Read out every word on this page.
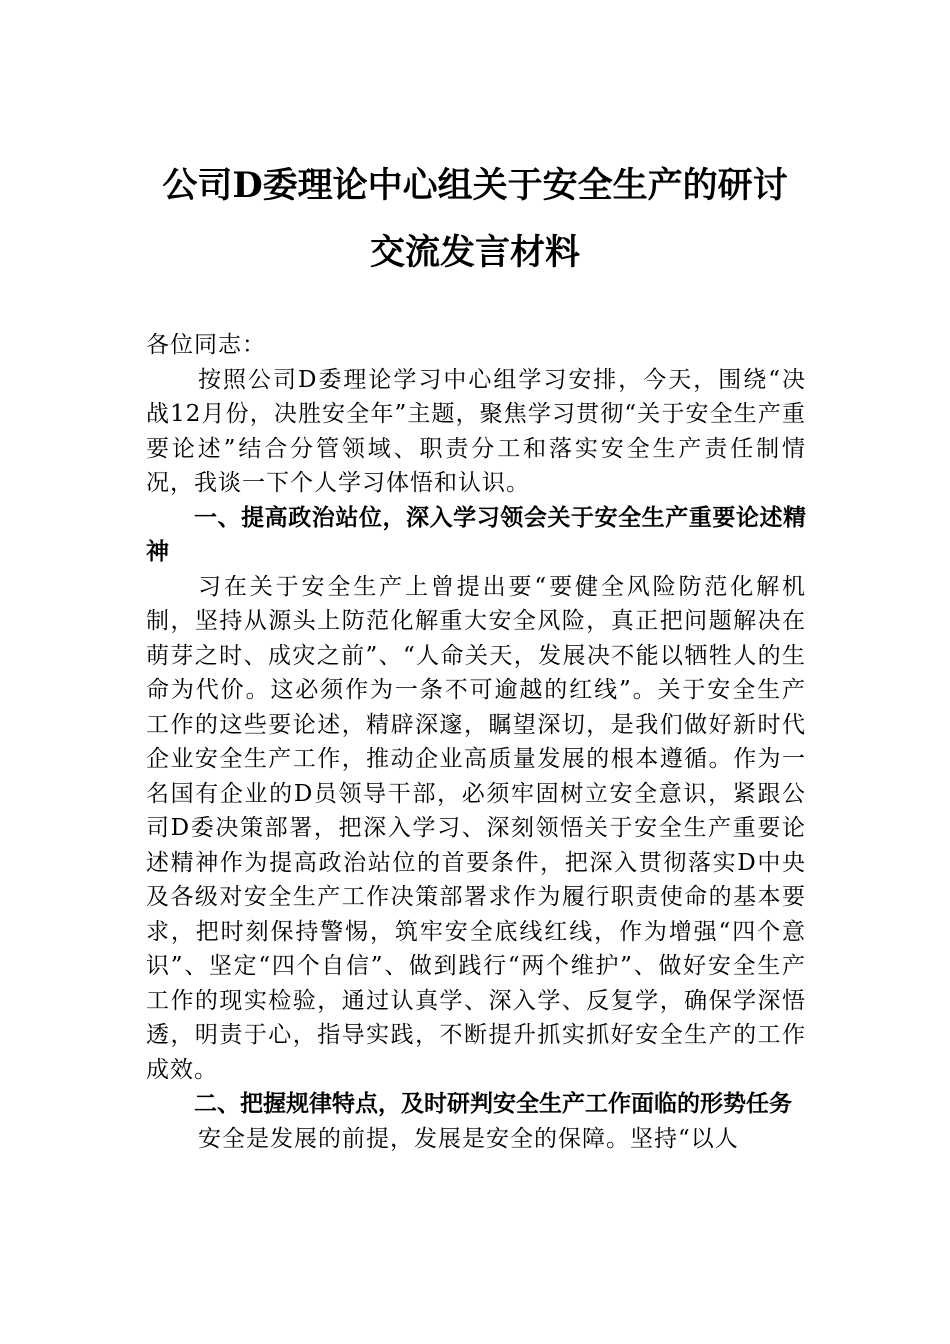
公司D委理论中心组关于安全生产的研讨
交流发言材料

各位同志：

按照公司D委理论学习中心组学习安排，今天，围绕“决战12月份，决胜安全年”主题，聚焦学习贯彻“关于安全生产重要论述”结合分管领域、职责分工和落实安全生产责任制情况，我谈一下个人学习体悟和认识。

一、提高政治站位，深入学习领会关于安全生产重要论述精神

习在关于安全生产上曾提出要“要健全风险防范化解机制，坚持从源头上防范化解重大安全风险，真正把问题解决在萌芽之时、成灾之前”、“人命关天，发展决不能以牺牲人的生命为代价。这必须作为一条不可逾越的红线”。关于安全生产工作的这些要论述，精辟深邃，瞩望深切，是我们做好新时代企业安全生产工作，推动企业高质量发展的根本遵循。作为一名国有企业的D员领导干部，必须牢固树立安全意识，紧跟公司D委决策部署，把深入学习、深刻领悟关于安全生产重要论述精神作为提高政治站位的首要条件，把深入贯彻落实D中央及各级对安全生产工作决策部署求作为履行职责使命的基本要求，把时刻保持警惕，筑牢安全底线红线，作为增强“四个意识”、坚定“四个自信”、做到践行“两个维护”、做好安全生产工作的现实检验，通过认真学、深入学、反复学，确保学深悟透，明责于心，指导实践，不断提升抓实抓好安全生产的工作成效。

二、把握规律特点，及时研判安全生产工作面临的形势任务

安全是发展的前提，发展是安全的保障。坚持“以人
